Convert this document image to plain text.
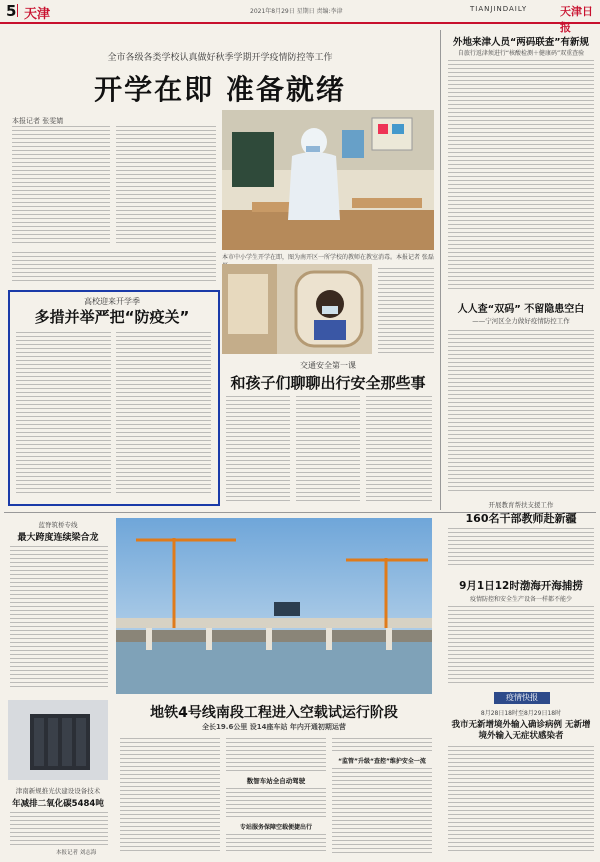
5 天津	2021年8月29日 星期日 责编:李津	TIANJINDAILY	天津日报
全市各级各类学校认真做好秋季学期开学疫情防控等工作
开学在即 准备就绪
本报记者 张雯婧
本市中小学生开学在即，图为南开区一所学校的教师在教室消毒。本报记者 张磊
高校迎来开学季
多措并举严把“防疫关”
交通安全第一课
和孩子们聊聊出行安全那些事
外地来津人员“两码联查”有新规
自旅行返津须进行“核酸检测＋健康码”双重查验
人人查“双码” 不留隐患空白
——宁河区全力做好疫情防控工作
开展教育帮扶支援工作
160名干部教师赴新疆
9月1日12时渤海开海捕捞
疫情防控和安全生产设备一样都不能少
疫情快报
8月28日18时至8月29日18时
我市无新增境外输入确诊病例 无新增境外输入无症状感染者
蓝脊筑桥专线
最大跨度连续梁合龙
地铁4号线南段工程进入空载试运行阶段
全长19.6公里 设14座车站 年内开通初期运营
数智车站全自动驾驶
专站服务保障空载便捷出行
“监管”升级“查控”维护安全一流
津南新规推光伏建设设备技术
年减排二氧化碳5484吨
本报记者 刘志海
